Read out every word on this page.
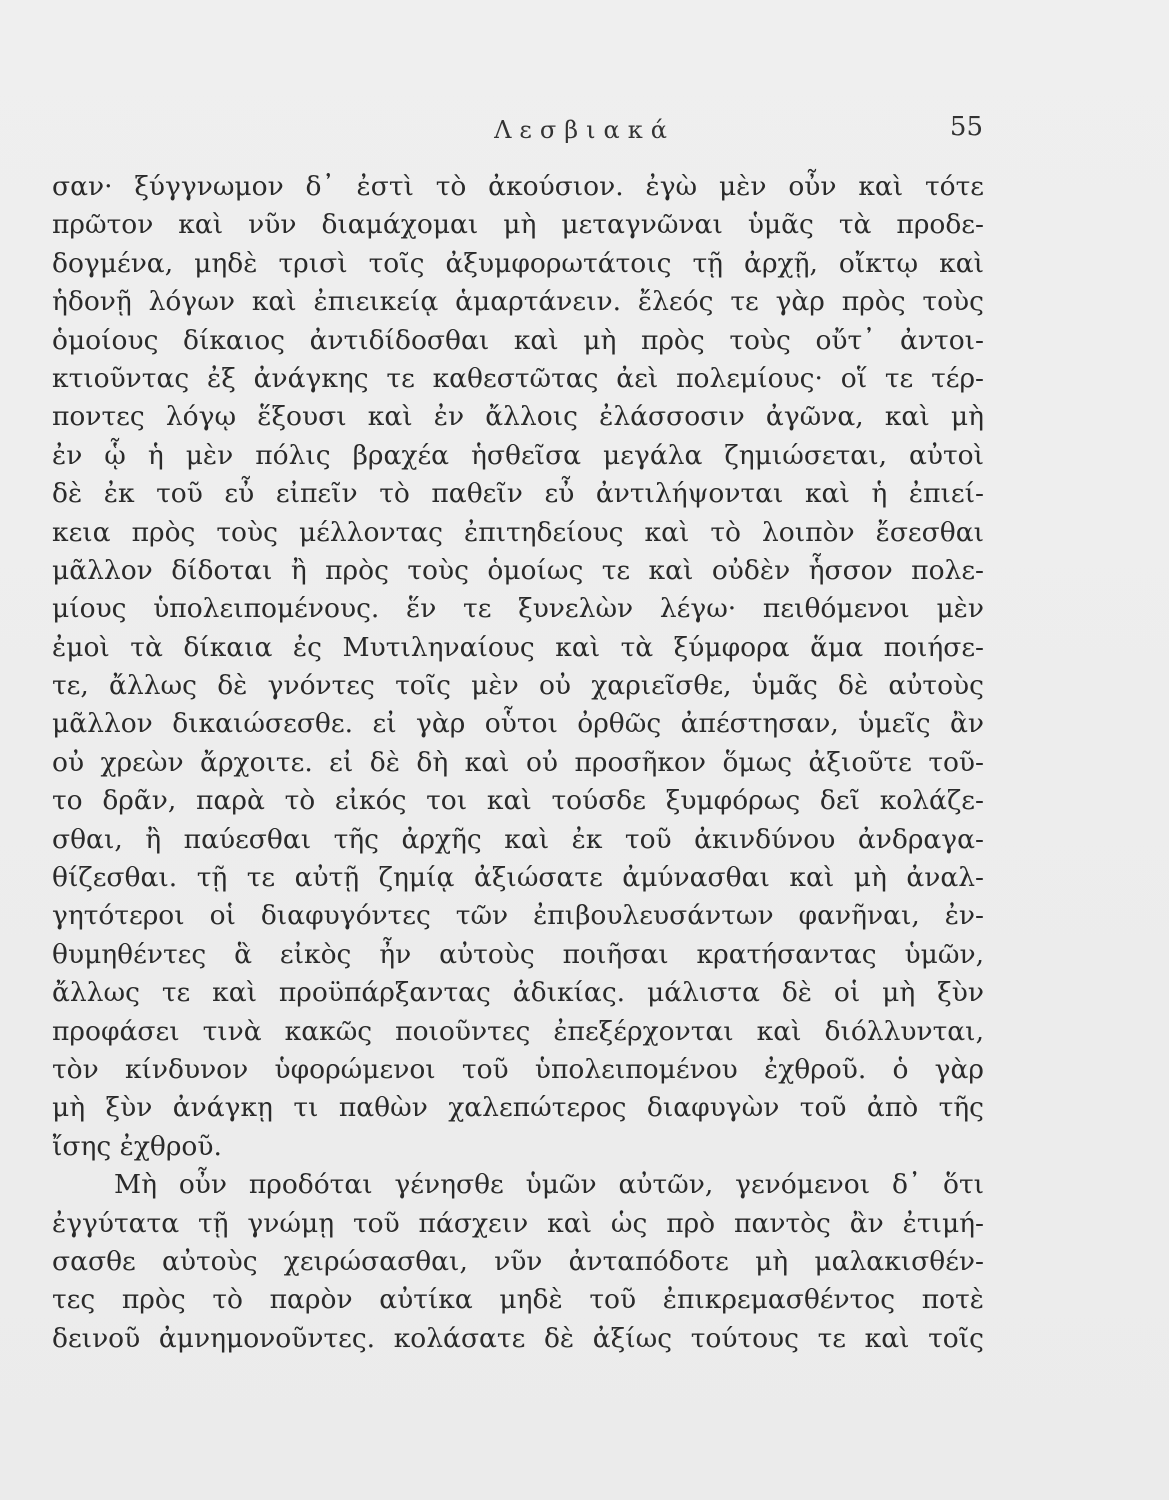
Λεσβιακά	55
σαν· ξύγγνωμον δ᾽ ἐστὶ τὸ ἀκούσιον. ἐγὼ μὲν οὖν καὶ τότε
πρῶτον καὶ νῦν διαμάχομαι μὴ μεταγνῶναι ὑμᾶς τὰ προδε-
δογμένα, μηδὲ τρισὶ τοῖς ἀξυμφορωτάτοις τῇ ἀρχῇ, οἴκτῳ καὶ
ἡδονῇ λόγων καὶ ἐπιεικείᾳ ἁμαρτάνειν. ἔλεός τε γὰρ πρὸς τοὺς
ὁμοίους δίκαιος ἀντιδίδοσθαι καὶ μὴ πρὸς τοὺς οὔτ᾽ ἀντοι-
κτιοῦντας ἐξ ἀνάγκης τε καθεστῶτας ἀεὶ πολεμίους· οἵ τε τέρ-
ποντες λόγῳ ἕξουσι καὶ ἐν ἄλλοις ἐλάσσοσιν ἀγῶνα, καὶ μὴ
ἐν ᾧ ἡ μὲν πόλις βραχέα ἡσθεῖσα μεγάλα ζημιώσεται, αὐτοὶ
δὲ ἐκ τοῦ εὖ εἰπεῖν τὸ παθεῖν εὖ ἀντιλήψονται καὶ ἡ ἐπιεί-
κεια πρὸς τοὺς μέλλοντας ἐπιτηδείους καὶ τὸ λοιπὸν ἔσεσθαι
μᾶλλον δίδοται ἢ πρὸς τοὺς ὁμοίως τε καὶ οὐδὲν ἧσσον πολε-
μίους ὑπολειπομένους. ἕν τε ξυνελὼν λέγω· πειθόμενοι μὲν
ἐμοὶ τὰ δίκαια ἐς Μυτιληναίους καὶ τὰ ξύμφορα ἅμα ποιήσε-
τε, ἄλλως δὲ γνόντες τοῖς μὲν οὐ χαριεῖσθε, ὑμᾶς δὲ αὐτοὺς
μᾶλλον δικαιώσεσθε. εἰ γὰρ οὗτοι ὀρθῶς ἀπέστησαν, ὑμεῖς ἂν
οὐ χρεὼν ἄρχοιτε. εἰ δὲ δὴ καὶ οὐ προσῆκον ὅμως ἀξιοῦτε τοῦ-
το δρᾶν, παρὰ τὸ εἰκός τοι καὶ τούσδε ξυμφόρως δεῖ κολάζε-
σθαι, ἢ παύεσθαι τῆς ἀρχῆς καὶ ἐκ τοῦ ἀκινδύνου ἀνδραγα-
θίζεσθαι. τῇ τε αὐτῇ ζημίᾳ ἀξιώσατε ἀμύνασθαι καὶ μὴ ἀναλ-
γητότεροι οἱ διαφυγόντες τῶν ἐπιβουλευσάντων φανῆναι, ἐν-
θυμηθέντες ἃ εἰκὸς ἦν αὐτοὺς ποιῆσαι κρατήσαντας ὑμῶν,
ἄλλως τε καὶ προϋπάρξαντας ἀδικίας. μάλιστα δὲ οἱ μὴ ξὺν
προφάσει τινὰ κακῶς ποιοῦντες ἐπεξέρχονται καὶ διόλλυνται,
τὸν κίνδυνον ὑφορώμενοι τοῦ ὑπολειπομένου ἐχθροῦ. ὁ γὰρ
μὴ ξὺν ἀνάγκῃ τι παθὼν χαλεπώτερος διαφυγὼν τοῦ ἀπὸ τῆς
ἴσης ἐχθροῦ.
Μὴ οὖν προδόται γένησθε ὑμῶν αὐτῶν, γενόμενοι δ᾽ ὅτι
ἐγγύτατα τῇ γνώμῃ τοῦ πάσχειν καὶ ὡς πρὸ παντὸς ἂν ἐτιμή-
σασθε αὐτοὺς χειρώσασθαι, νῦν ἀνταπόδοτε μὴ μαλακισθέν-
τες πρὸς τὸ παρὸν αὐτίκα μηδὲ τοῦ ἐπικρεμασθέντος ποτὲ
δεινοῦ ἀμνημονοῦντες. κολάσατε δὲ ἀξίως τούτους τε καὶ τοῖς
